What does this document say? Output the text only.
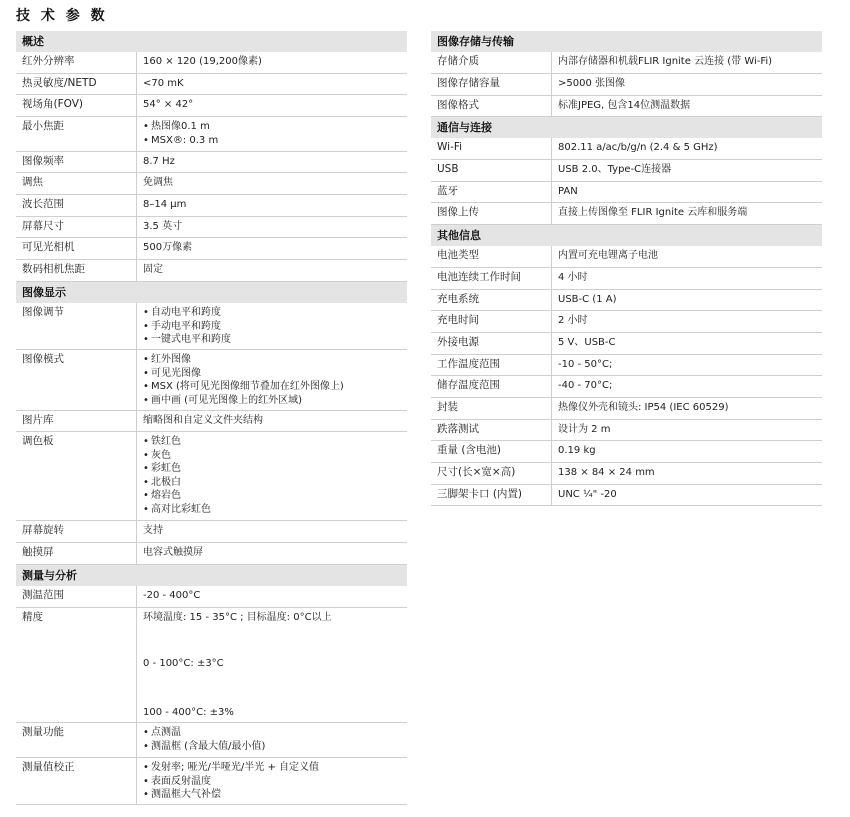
技 术 参 数
概述
红外分辨率	160 × 120 (19,200像素)
热灵敏度/NETD	<70 mK
视场角(FOV)	54° × 42°
最小焦距	• 热图像0.1 m
• MSX®: 0.3 m
图像频率	8.7 Hz
调焦	免调焦
波长范围	8–14 μm
屏幕尺寸	3.5 英寸
可见光相机	500万像素
数码相机焦距	固定
图像显示
图像调节	• 自动电平和跨度
• 手动电平和跨度
• 一键式电平和跨度
图像模式	• 红外图像
• 可见光图像
• MSX (将可见光图像细节叠加在红外图像上)
• 画中画 (可见光图像上的红外区域)
图片库	缩略图和自定义文件夹结构
调色板	• 铁红色
• 灰色
• 彩虹色
• 北极白
• 熔岩色
• 高对比彩虹色
屏幕旋转	支持
触摸屏	电容式触摸屏
测量与分析
测温范围	-20 - 400°C
精度	环境温度: 15 - 35°C ; 目标温度: 0°C以上
0 - 100°C: ±3°C
100 - 400°C: ±3%
测量功能	• 点测温
• 测温框 (含最大值/最小值)
测量值校正	• 发射率; 哑光/半哑光/半光 + 自定义值
• 表面反射温度
• 测温框大气补偿
图像存储与传输
存储介质	内部存储器和机载FLIR Ignite 云连接 (带 Wi-Fi)
图像存储容量	>5000 张图像
图像格式	标准JPEG, 包含14位测温数据
通信与连接
Wi-Fi	802.11 a/ac/b/g/n (2.4 & 5 GHz)
USB	USB 2.0、Type-C连接器
蓝牙	PAN
图像上传	直接上传图像至 FLIR Ignite 云库和服务端
其他信息
电池类型	内置可充电锂离子电池
电池连续工作时间	4 小时
充电系统	USB-C (1 A)
充电时间	2 小时
外接电源	5 V、USB-C
工作温度范围	-10 - 50°C;
储存温度范围	-40 - 70°C;
封装	热像仪外壳和镜头: IP54 (IEC 60529)
跌落测试	设计为 2 m
重量 (含电池)	0.19 kg
尺寸(长×宽×高)	138 × 84 × 24 mm
三脚架卡口 (内置)	UNC ¼" -20
